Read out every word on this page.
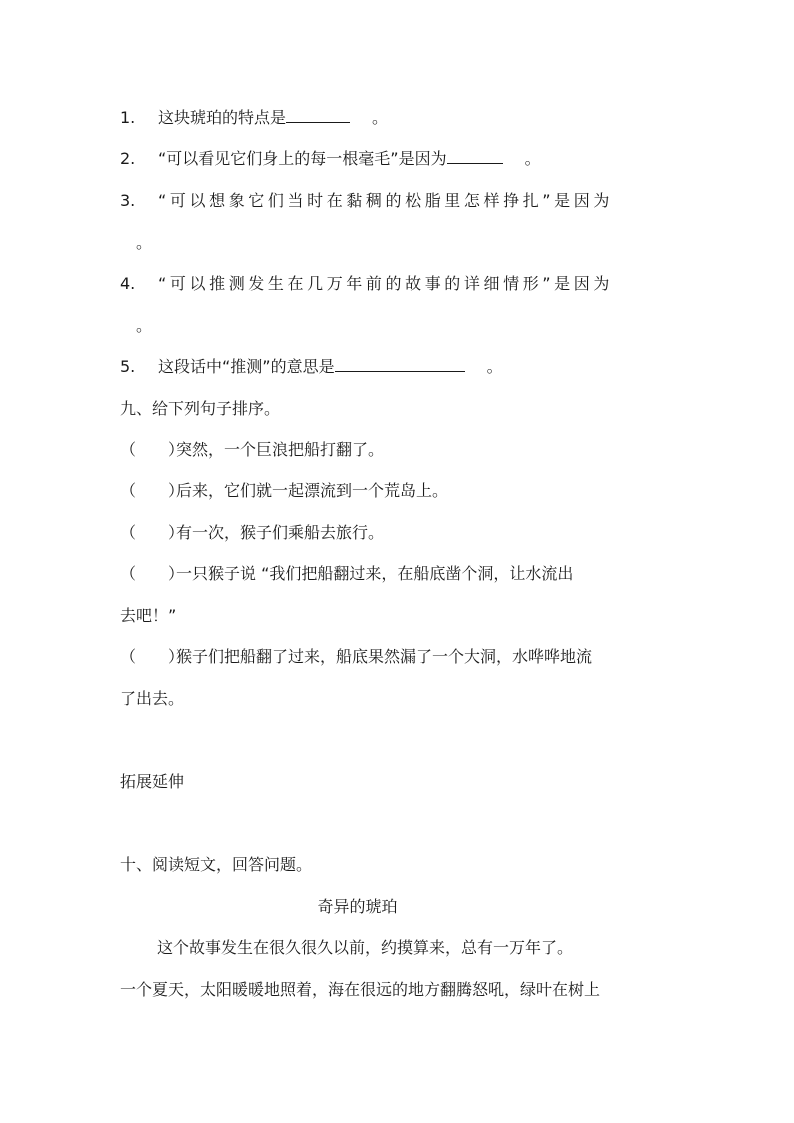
1. 这块琥珀的特点是	。
2. “可以看见它们身上的每一根毫毛”是因为	。
3. “可以想象它们当时在黏稠的松脂里怎样挣扎”是因为
。
4. “可以推测发生在几万年前的故事的详细情形”是因为
。
5. 这段话中“推测”的意思是	。
九、给下列句子排序。
（　　）突然，一个巨浪把船打翻了。
（　　）后来，它们就一起漂流到一个荒岛上。
（　　）有一次，猴子们乘船去旅行。
（　　）一只猴子说 “我们把船翻过来，在船底凿个洞，让水流出
去吧！”
（　　）猴子们把船翻了过来，船底果然漏了一个大洞，水哗哗地流
了出去。
拓展延伸
十、阅读短文，回答问题。
奇异的琥珀
这个故事发生在很久很久以前，约摸算来，总有一万年了。
一个夏天，太阳暖暖地照着，海在很远的地方翻腾怒吼，绿叶在树上
